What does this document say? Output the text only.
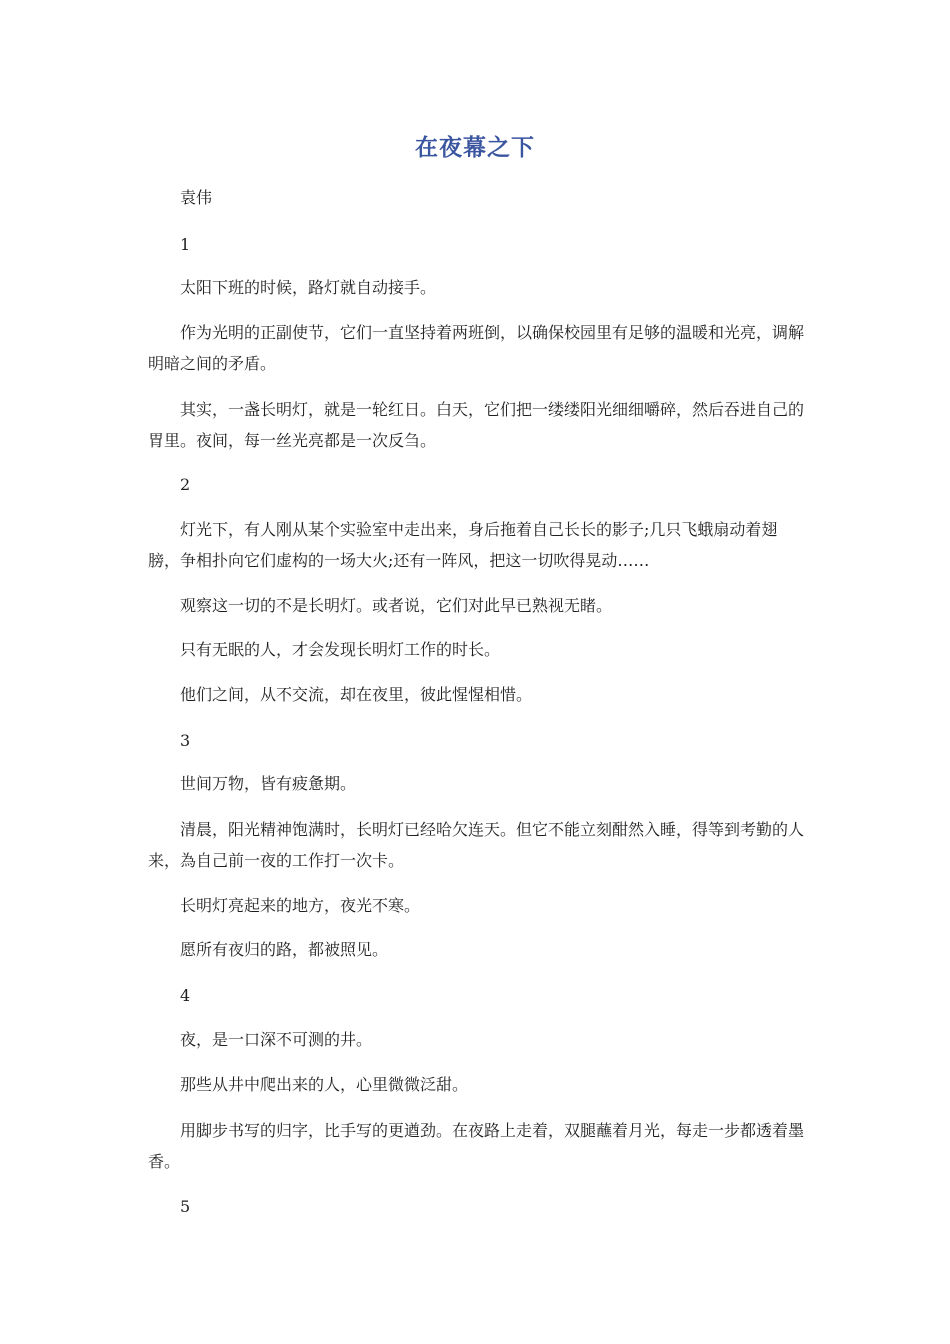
在夜幕之下

袁伟

1

太阳下班的时候，路灯就自动接手。

作为光明的正副使节，它们一直坚持着两班倒，以确保校园里有足够的温暖和光亮，调解明暗之间的矛盾。

其实，一盏长明灯，就是一轮红日。白天，它们把一缕缕阳光细细嚼碎，然后吞进自己的胃里。夜间，每一丝光亮都是一次反刍。

2

灯光下，有人刚从某个实验室中走出来，身后拖着自己长长的影子;几只飞蛾扇动着翅膀，争相扑向它们虚构的一场大火;还有一阵风，把这一切吹得晃动……

观察这一切的不是长明灯。或者说，它们对此早已熟视无睹。

只有无眠的人，才会发现长明灯工作的时长。

他们之间，从不交流，却在夜里，彼此惺惺相惜。

3

世间万物，皆有疲惫期。

清晨，阳光精神饱满时，长明灯已经哈欠连天。但它不能立刻酣然入睡，得等到考勤的人来，為自己前一夜的工作打一次卡。

长明灯亮起来的地方，夜光不寒。

愿所有夜归的路，都被照见。

4

夜，是一口深不可测的井。

那些从井中爬出来的人，心里微微泛甜。

用脚步书写的归字，比手写的更遒劲。在夜路上走着，双腿蘸着月光，每走一步都透着墨香。

5
